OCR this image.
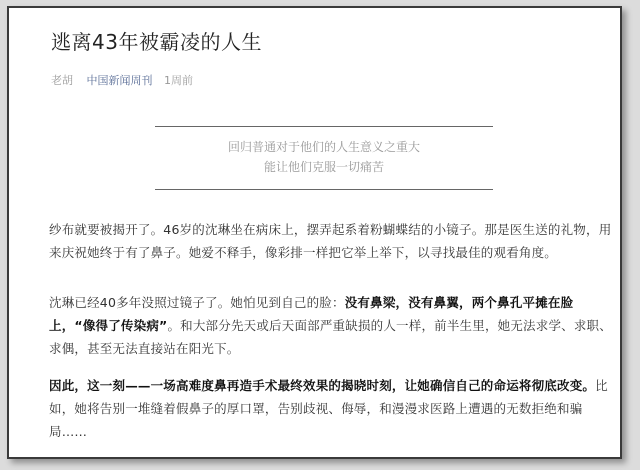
逃离43年被霸凌的人生
老胡 中国新闻周刊 1周前
回归普通对于他们的人生意义之重大
能让他们克服一切痛苦
纱布就要被揭开了。46岁的沈琳坐在病床上，摆弄起系着粉蝴蝶结的小镜子。那是医生送的礼物，用来庆祝她终于有了鼻子。她爱不释手，像彩排一样把它举上举下，以寻找最佳的观看角度。
沈琳已经40多年没照过镜子了。她怕见到自己的脸：没有鼻梁，没有鼻翼，两个鼻孔平摊在脸上，“像得了传染病”。和大部分先天或后天面部严重缺损的人一样，前半生里，她无法求学、求职、求偶，甚至无法直接站在阳光下。
因此，这一刻——一场高难度鼻再造手术最终效果的揭晓时刻，让她确信自己的命运将彻底改变。比如，她将告别一堆缝着假鼻子的厚口罩，告别歧视、侮辱，和漫漫求医路上遭遇的无数拒绝和骗局……
